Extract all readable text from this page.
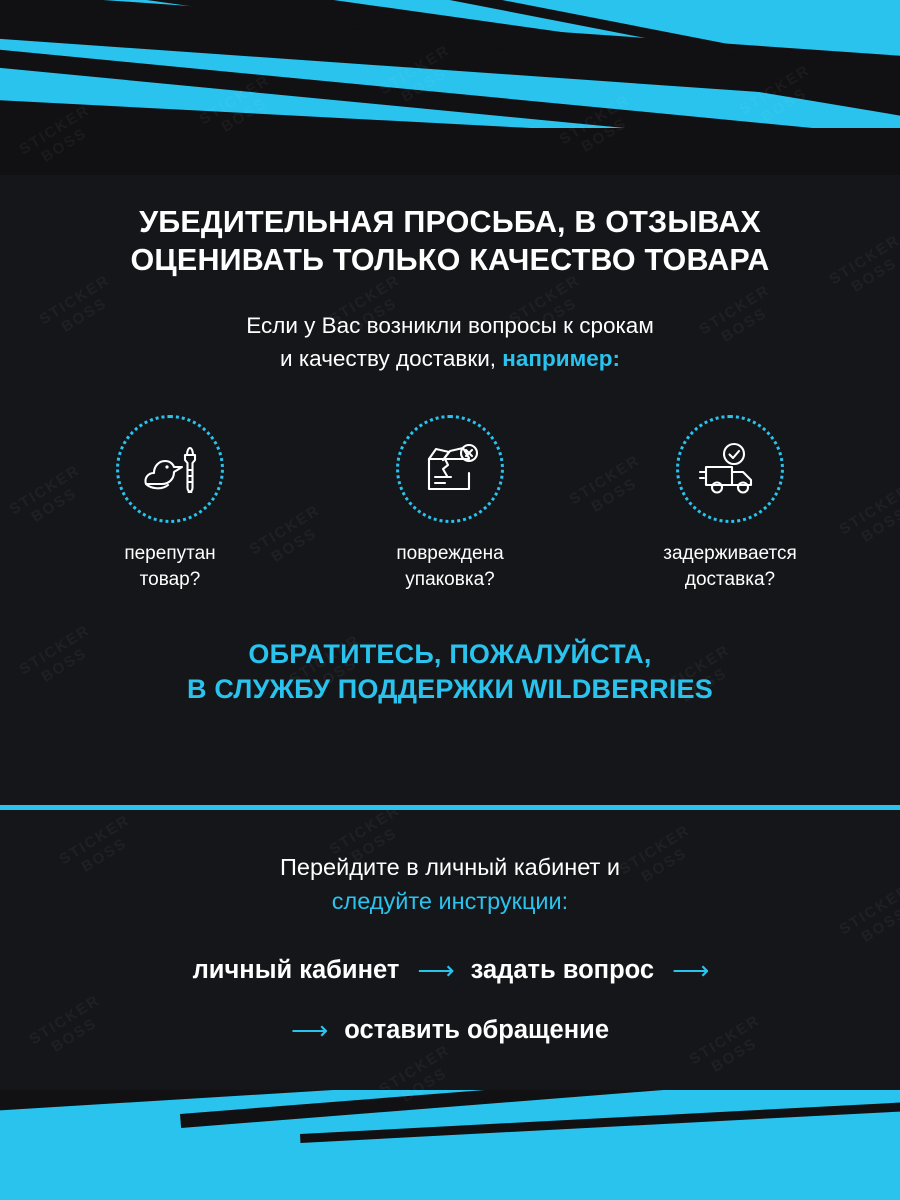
УБЕДИТЕЛЬНАЯ ПРОСЬБА, В ОТЗЫВАХ ОЦЕНИВАТЬ ТОЛЬКО КАЧЕСТВО ТОВАРА
Если у Вас возникли вопросы к срокам
и качеству доставки, например:
перепутан
товар?
повреждена
упаковка?
задерживается
доставка?
ОБРАТИТЕСЬ, ПОЖАЛУЙСТА,
В СЛУЖБУ ПОДДЕРЖКИ WILDBERRIES
Перейдите в личный кабинет и
следуйте инструкции:
личный кабинет ⟶ задать вопрос ⟶
⟶ оставить обращение
